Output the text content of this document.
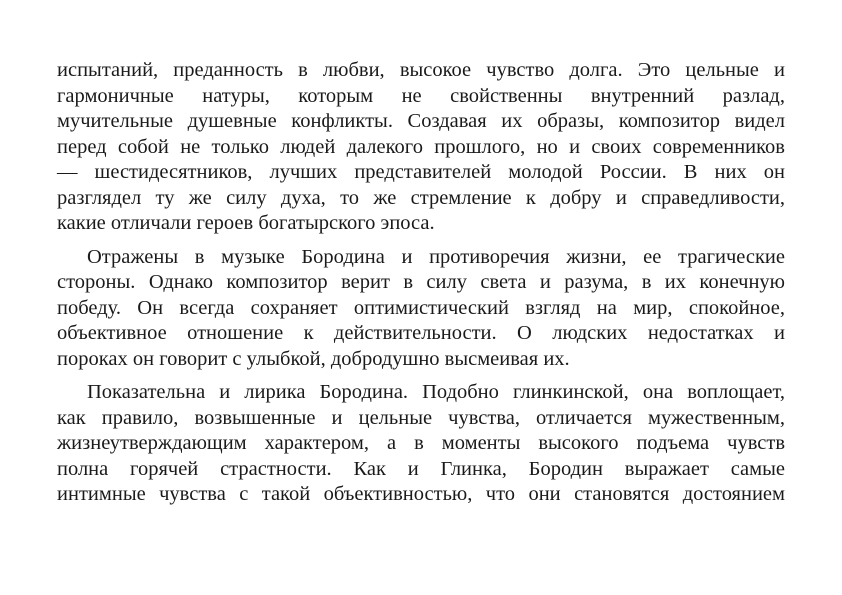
испытаний, преданность в любви, высокое чувство долга. Это цельные и
гармоничные натуры, которым не свойственны внутренний разлад,
мучительные душевные конфликты. Создавая их образы, композитор видел
перед собой не только людей далекого прошлого, но и своих современников
— шестидесятников, лучших представителей молодой России. В них он
разглядел ту же силу духа, то же стремление к добру и справедливости,
какие отличали героев богатырского эпоса.

Отражены в музыке Бородина и противоречия жизни, ее трагические
стороны. Однако композитор верит в силу света и разума, в их конечную
победу. Он всегда сохраняет оптимистический взгляд на мир, спокойное,
объективное отношение к действительности. О людских недостатках и
пороках он говорит с улыбкой, добродушно высмеивая их.

Показательна и лирика Бородина. Подобно глинкинской, она воплощает,
как правило, возвышенные и цельные чувства, отличается мужественным,
жизнеутверждающим характером, а в моменты высокого подъема чувств
полна горячей страстности. Как и Глинка, Бородин выражает самые
интимные чувства с такой объективностью, что они становятся достоянием
